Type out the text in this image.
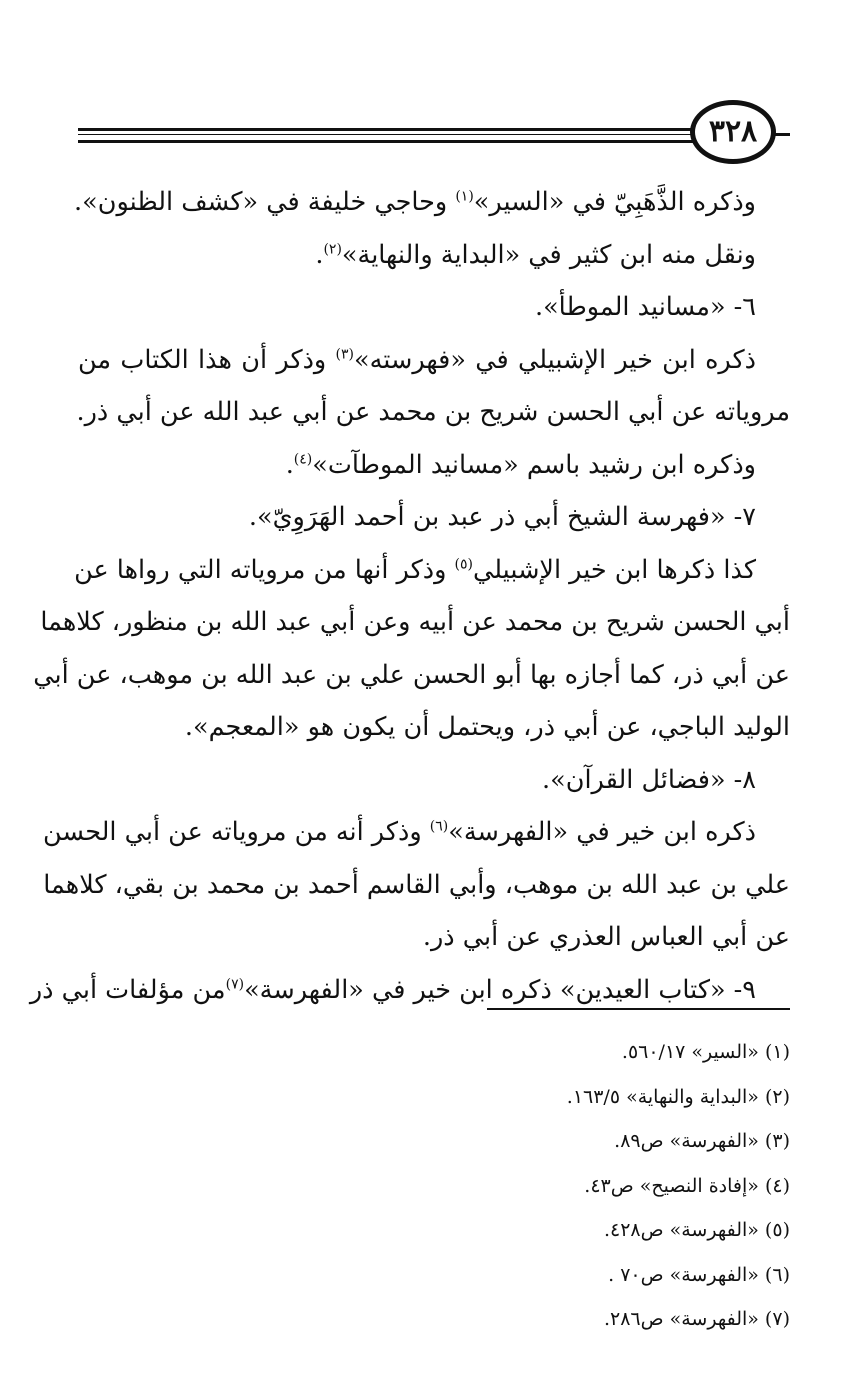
٣٢٨
وذكره الذَّهَبِيّ في «السير»$^{(١)}$ وحاجي خليفة في «كشف الظنون».
ونقل منه ابن كثير في «البداية والنهاية»$^{(٢)}$.
٦- «مسانيد الموطأ».
ذكره ابن خير الإشبيلي في «فهرسته»$^{(٣)}$ وذكر أن هذا الكتاب من
مروياته عن أبي الحسن شريح بن محمد عن أبي عبد الله عن أبي ذر.
وذكره ابن رشيد باسم «مسانيد الموطآت»$^{(٤)}$.
٧- «فهرسة الشيخ أبي ذر عبد بن أحمد الهَرَوِيّ».
كذا ذكرها ابن خير الإشبيلي$^{(٥)}$ وذكر أنها من مروياته التي رواها عن
أبي الحسن شريح بن محمد عن أبيه وعن أبي عبد الله بن منظور، كلاهما
عن أبي ذر، كما أجازه بها أبو الحسن علي بن عبد الله بن موهب، عن أبي
الوليد الباجي، عن أبي ذر، ويحتمل أن يكون هو «المعجم».
٨- «فضائل القرآن».
ذكره ابن خير في «الفهرسة»$^{(٦)}$ وذكر أنه من مروياته عن أبي الحسن
علي بن عبد الله بن موهب، وأبي القاسم أحمد بن محمد بن بقي، كلاهما
عن أبي العباس العذري عن أبي ذر.
٩- «كتاب العيدين» ذكره ابن خير في «الفهرسة»$^{(٧)}$من مؤلفات أبي ذر
(١) «السير» ٥٦٠/١٧.
(٢) «البداية والنهاية» ١٦٣/٥.
(٣) «الفهرسة» ص٨٩.
(٤) «إفادة النصيح» ص٤٣.
(٥) «الفهرسة» ص٤٢٨.
(٦) «الفهرسة» ص٧٠ .
(٧) «الفهرسة» ص٢٨٦.
